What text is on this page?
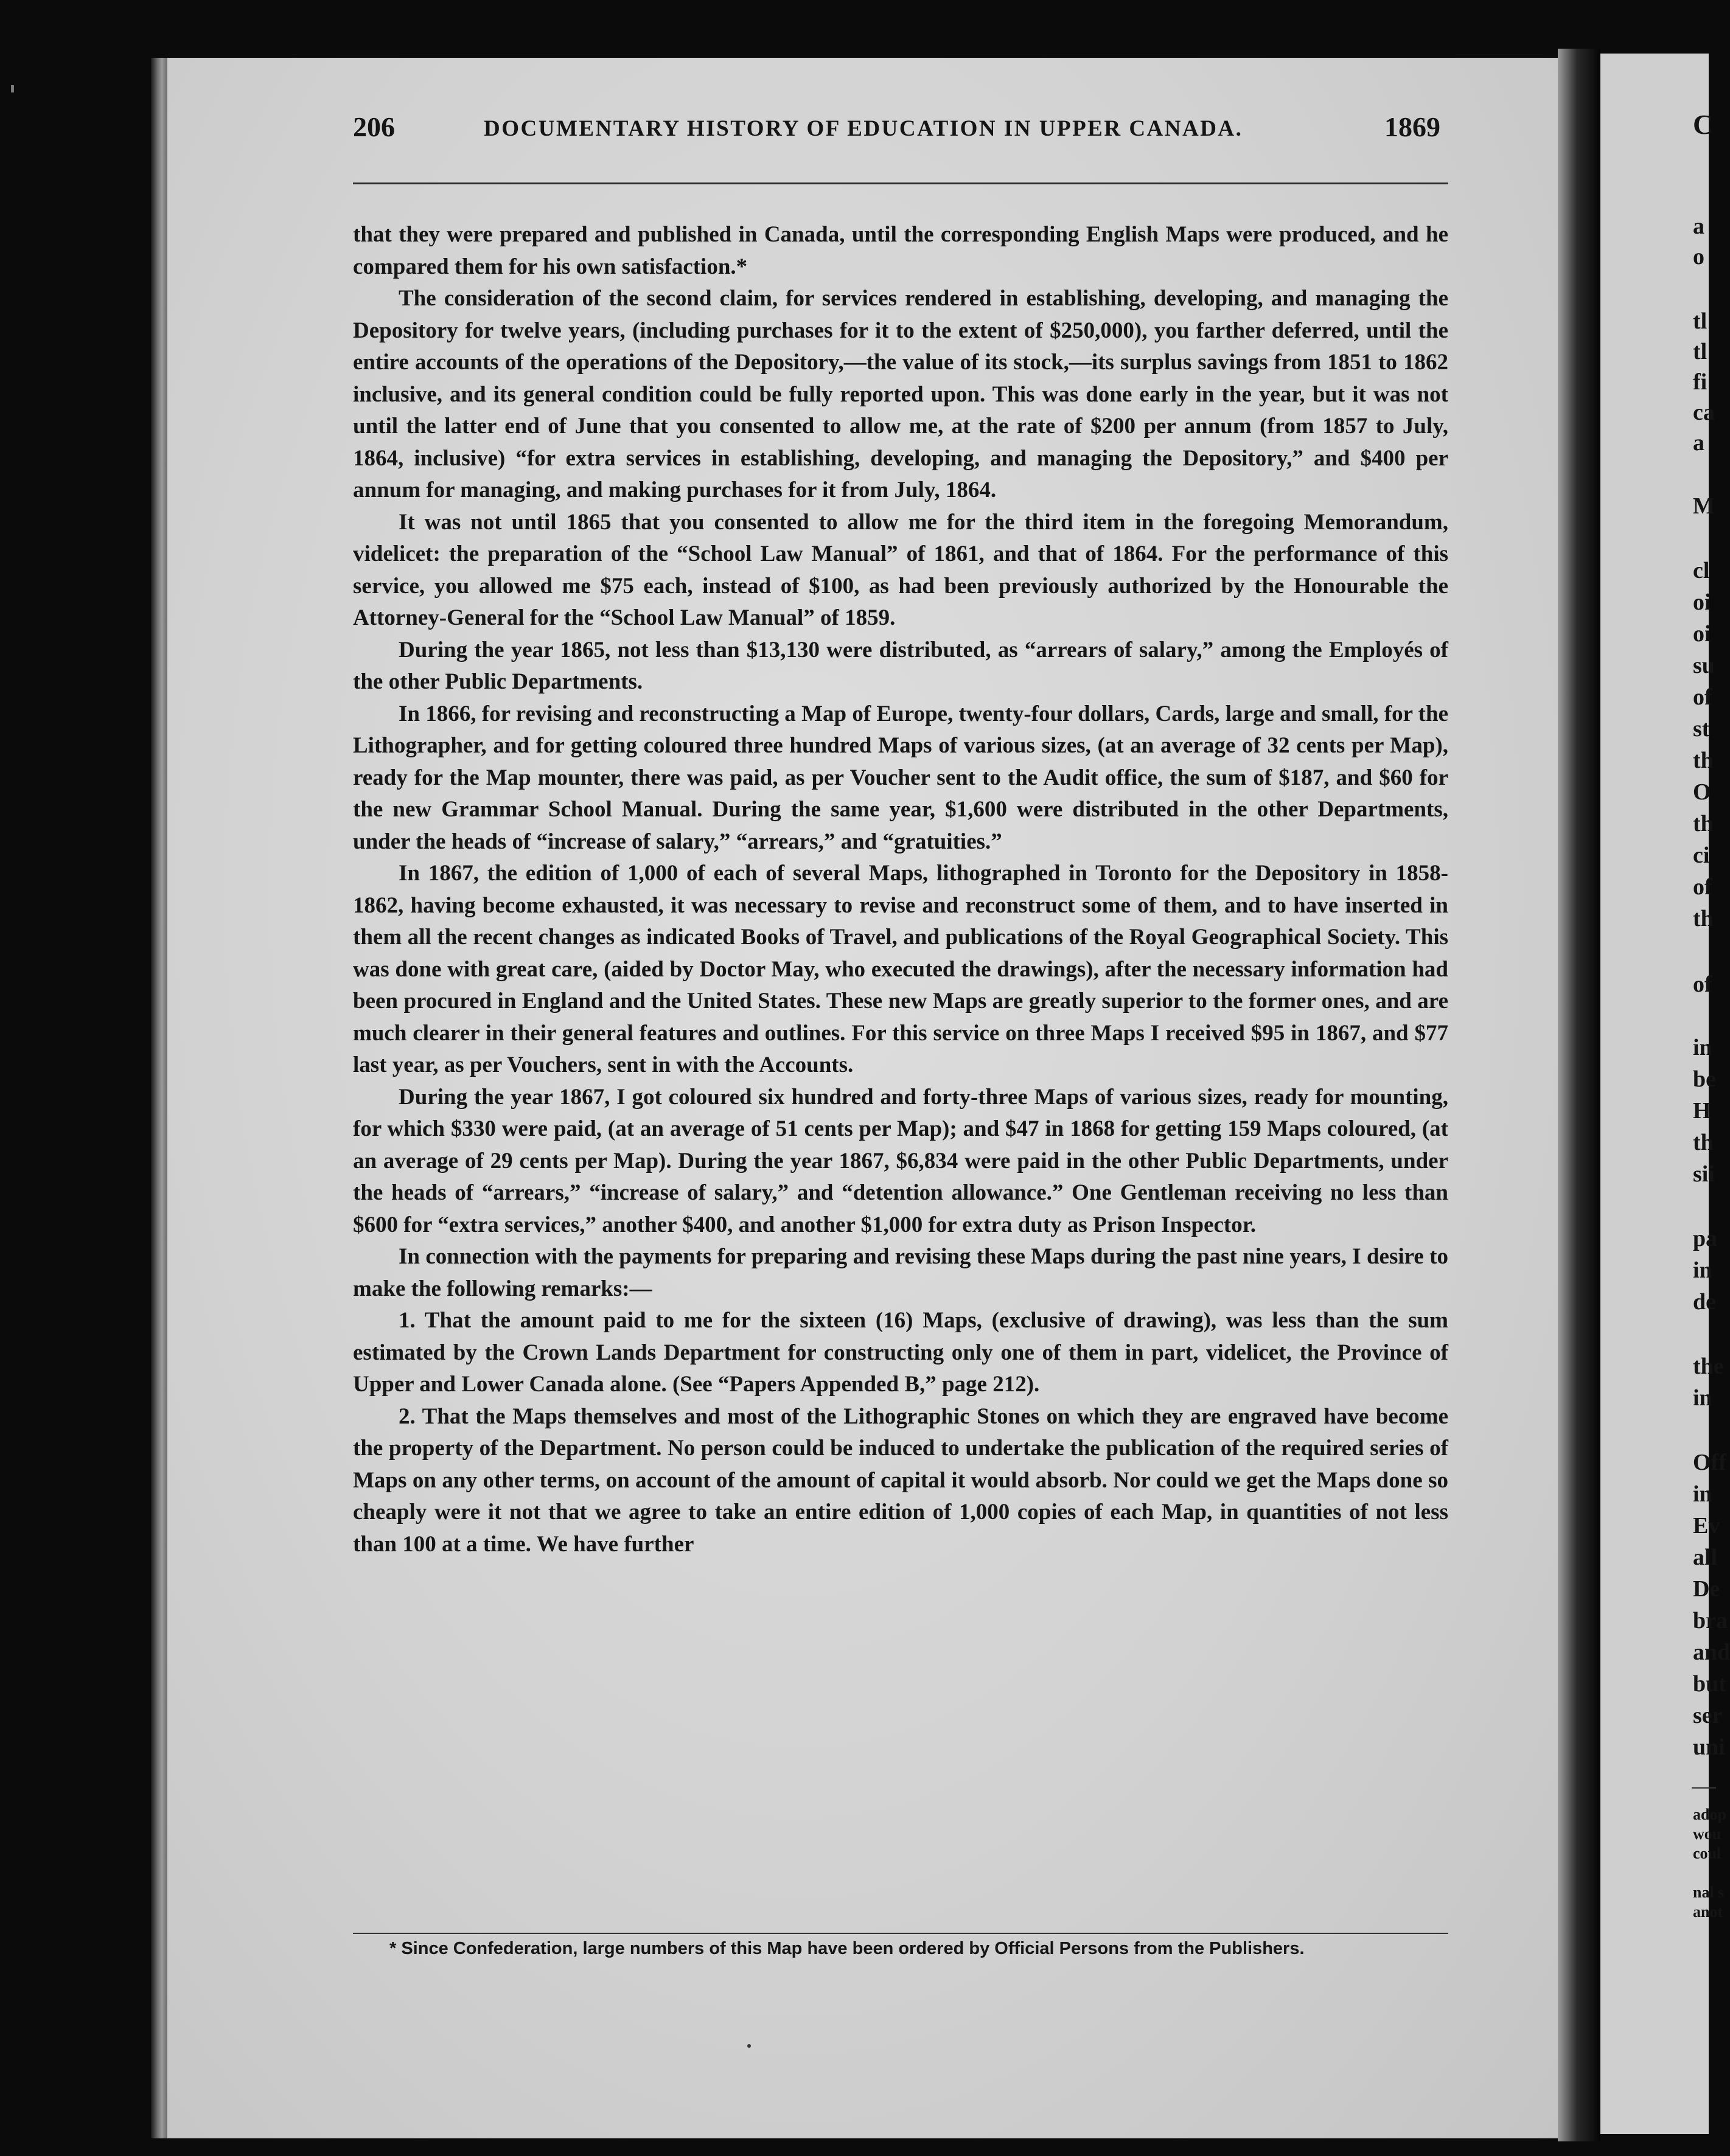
206	DOCUMENTARY HISTORY OF EDUCATION IN UPPER CANADA.	1869

that they were prepared and published in Canada, until the corresponding English Maps were produced, and he compared them for his own satisfaction.*

The consideration of the second claim, for services rendered in establishing, developing, and managing the Depository for twelve years, (including purchases for it to the extent of $250,000), you farther deferred, until the entire accounts of the operations of the Depository,—the value of its stock,—its surplus savings from 1851 to 1862 inclusive, and its general condition could be fully reported upon. This was done early in the year, but it was not until the latter end of June that you consented to allow me, at the rate of $200 per annum (from 1857 to July, 1864, inclusive) “for extra services in establishing, developing, and managing the Depository,” and $400 per annum for managing, and making purchases for it from July, 1864.

It was not until 1865 that you consented to allow me for the third item in the foregoing Memorandum, videlicet: the preparation of the “School Law Manual” of 1861, and that of 1864. For the performance of this service, you allowed me $75 each, instead of $100, as had been previously authorized by the Honourable the Attorney-General for the “School Law Manual” of 1859.

During the year 1865, not less than $13,130 were distributed, as “arrears of salary,” among the Employés of the other Public Departments.

In 1866, for revising and reconstructing a Map of Europe, twenty-four dollars, Cards, large and small, for the Lithographer, and for getting coloured three hundred Maps of various sizes, (at an average of 32 cents per Map), ready for the Map mounter, there was paid, as per Voucher sent to the Audit office, the sum of $187, and $60 for the new Grammar School Manual. During the same year, $1,600 were distributed in the other Departments, under the heads of “increase of salary,” “arrears,” and “gratuities.”

In 1867, the edition of 1,000 of each of several Maps, lithographed in Toronto for the Depository in 1858-1862, having become exhausted, it was necessary to revise and reconstruct some of them, and to have inserted in them all the recent changes as indicated Books of Travel, and publications of the Royal Geographical Society. This was done with great care, (aided by Doctor May, who executed the drawings), after the necessary information had been procured in England and the United States. These new Maps are greatly superior to the former ones, and are much clearer in their general features and outlines. For this service on three Maps I received $95 in 1867, and $77 last year, as per Vouchers, sent in with the Accounts.

During the year 1867, I got coloured six hundred and forty-three Maps of various sizes, ready for mounting, for which $330 were paid, (at an average of 51 cents per Map); and $47 in 1868 for getting 159 Maps coloured, (at an average of 29 cents per Map). During the year 1867, $6,834 were paid in the other Public Departments, under the heads of “arrears,” “increase of salary,” and “detention allowance.” One Gentleman receiving no less than $600 for “extra services,” another $400, and another $1,000 for extra duty as Prison Inspector.

In connection with the payments for preparing and revising these Maps during the past nine years, I desire to make the following remarks:—

1. That the amount paid to me for the sixteen (16) Maps, (exclusive of drawing), was less than the sum estimated by the Crown Lands Department for constructing only one of them in part, videlicet, the Province of Upper and Lower Canada alone. (See “Papers Appended B,” page 212).

2. That the Maps themselves and most of the Lithographic Stones on which they are engraved have become the property of the Department. No person could be induced to undertake the publication of the required series of Maps on any other terms, on account of the amount of capital it would absorb. Nor could we get the Maps done so cheaply were it not that we agree to take an entire edition of 1,000 copies of each Map, in quantities of not less than 100 at a time. We have further

* Since Confederation, large numbers of this Map have been ordered by Official Persons from the Publishers.
C
a
o
tl
tl
fi
ca
a
M
cl
oi
oi
su
of
st
th
O
th
ci
of
th
of
in
be
H
th
sii
pa
in
de
the
in
Off
in
Ev
all
De
bra
and
but
ser
uni
adop
wou
coul
nal s
anot
